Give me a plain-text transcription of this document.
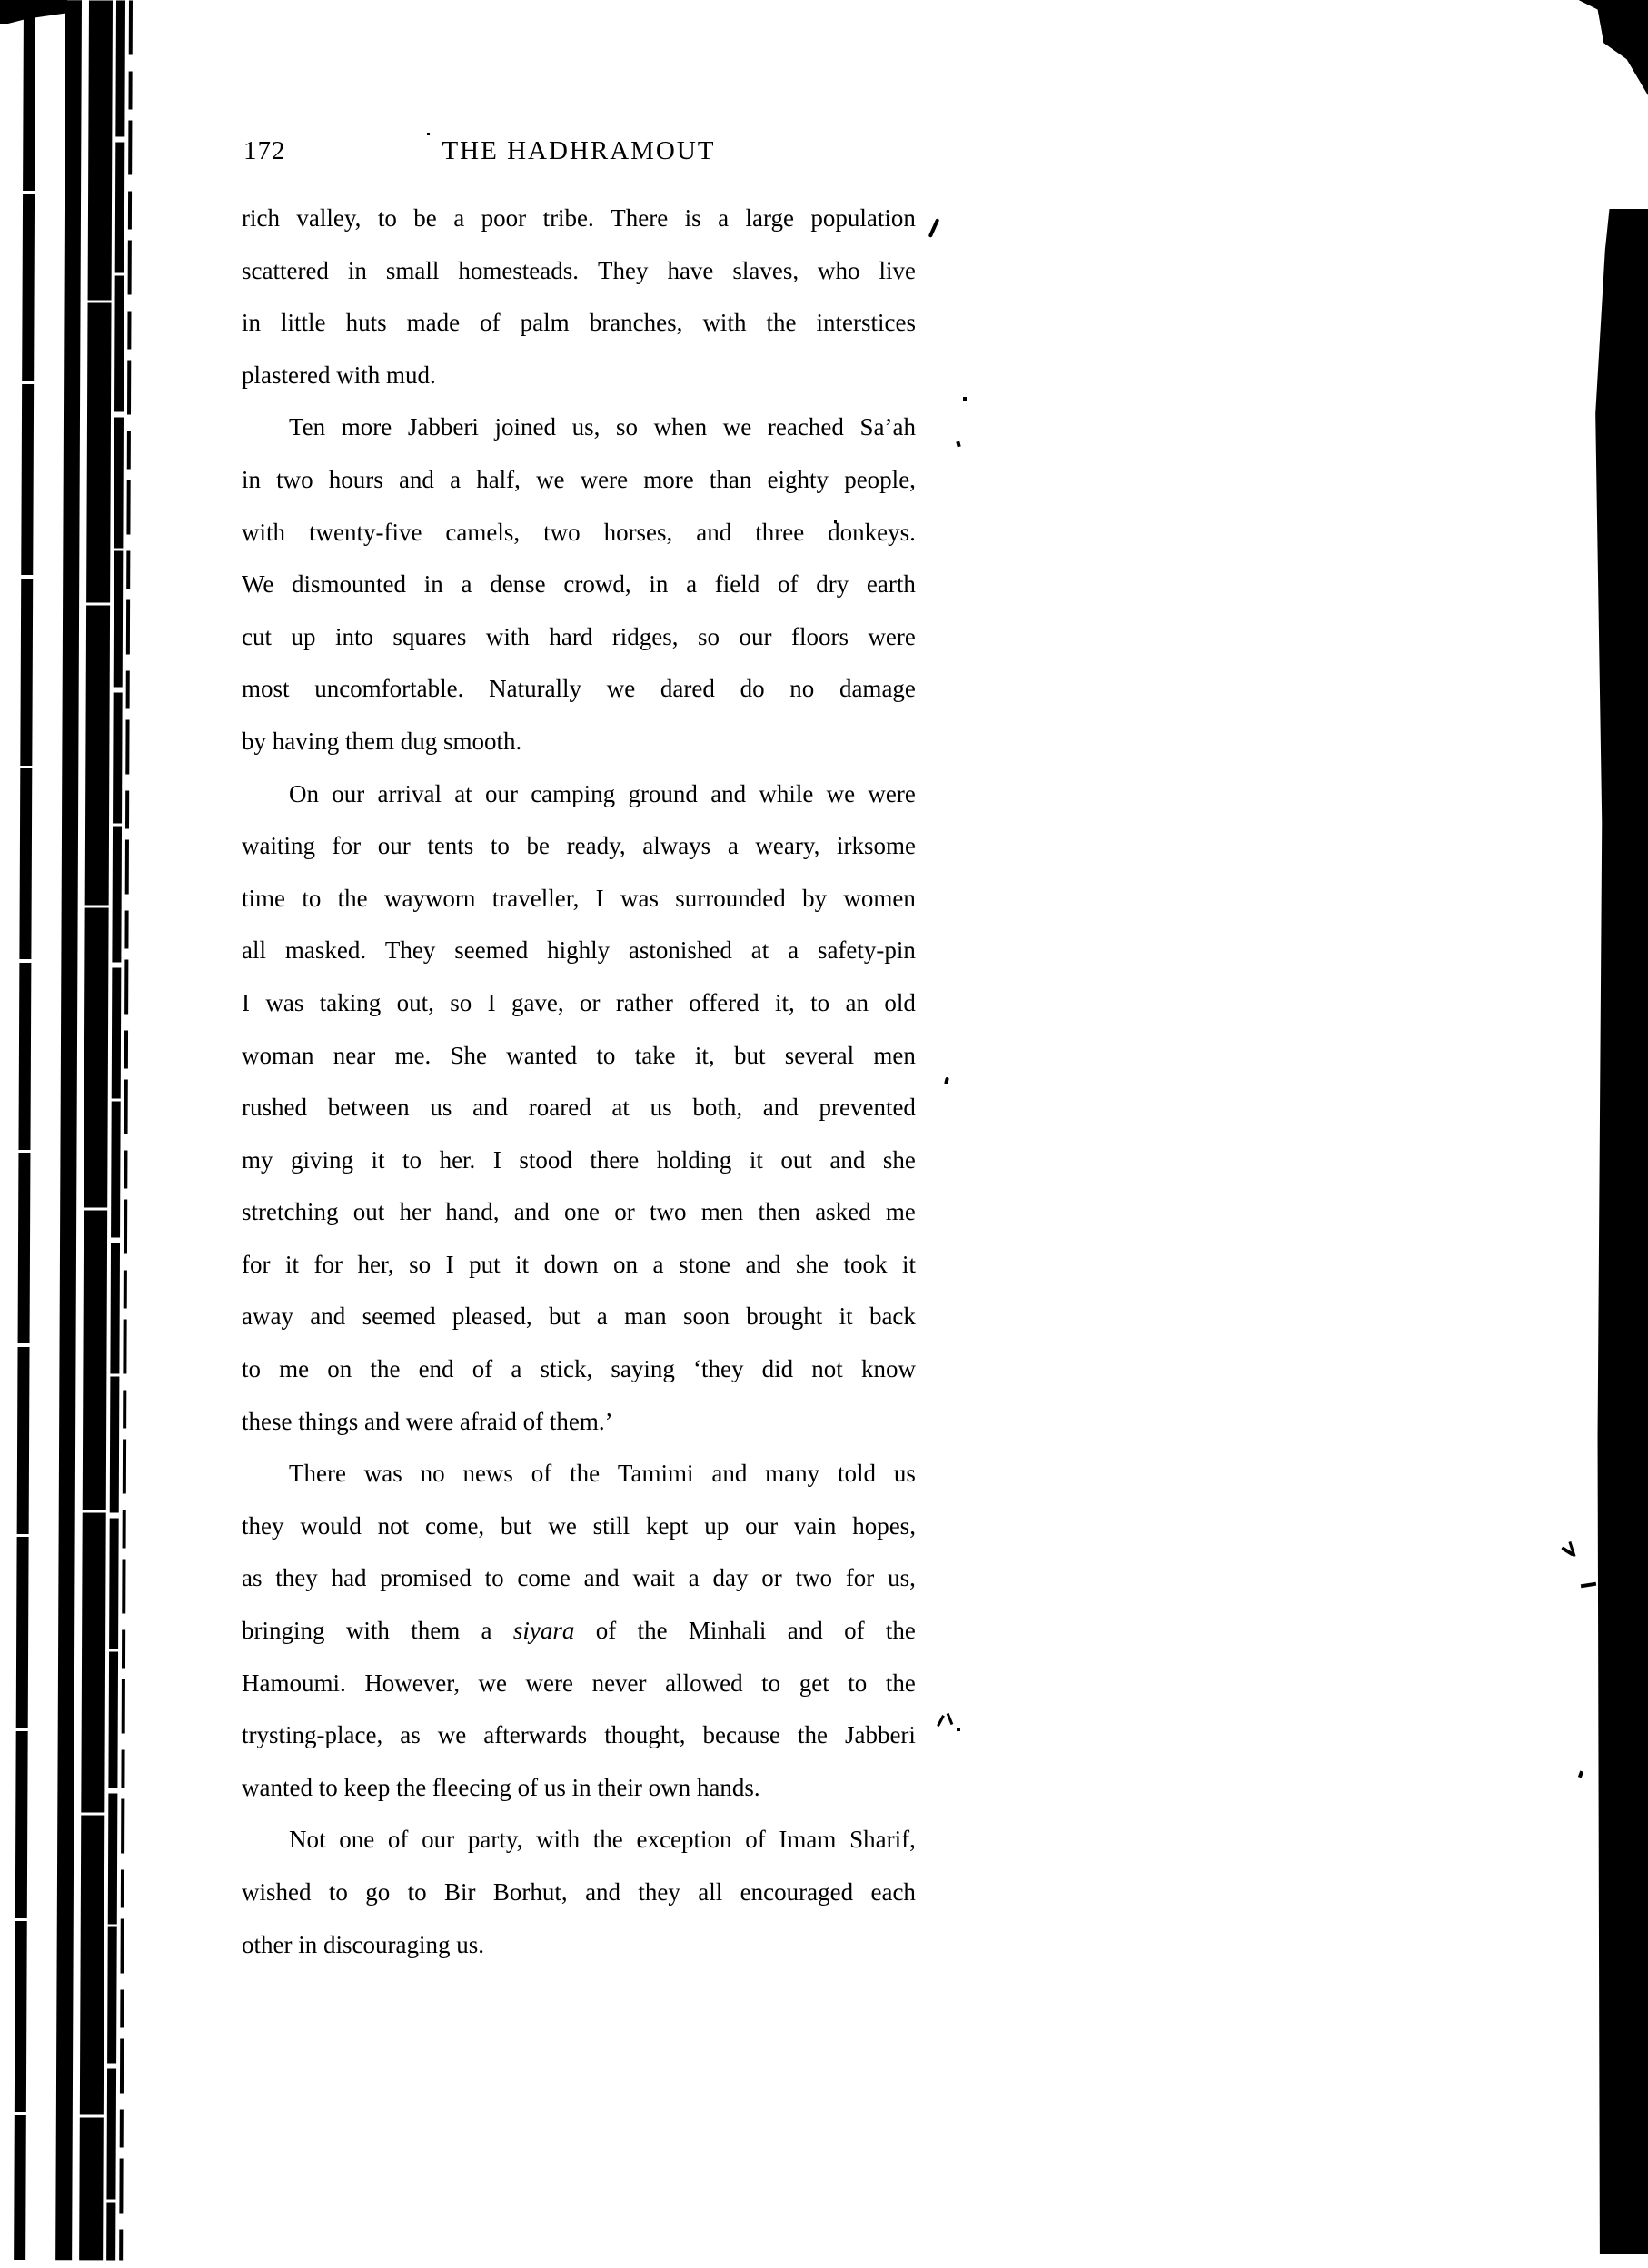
172	THE HADHRAMOUT
rich valley, to be a poor tribe. There is a large population
scattered in small homesteads. They have slaves, who live
in little huts made of palm branches, with the interstices
plastered with mud.
Ten more Jabberi joined us, so when we reached Sa’ah
in two hours and a half, we were more than eighty people,
with twenty-five camels, two horses, and three donkeys.
We dismounted in a dense crowd, in a field of dry earth
cut up into squares with hard ridges, so our floors were
most uncomfortable. Naturally we dared do no damage
by having them dug smooth.
On our arrival at our camping ground and while we were
waiting for our tents to be ready, always a weary, irksome
time to the wayworn traveller, I was surrounded by women
all masked. They seemed highly astonished at a safety-pin
I was taking out, so I gave, or rather offered it, to an old
woman near me. She wanted to take it, but several men
rushed between us and roared at us both, and prevented
my giving it to her. I stood there holding it out and she
stretching out her hand, and one or two men then asked me
for it for her, so I put it down on a stone and she took it
away and seemed pleased, but a man soon brought it back
to me on the end of a stick, saying ‘they did not know
these things and were afraid of them.’
There was no news of the Tamimi and many told us
they would not come, but we still kept up our vain hopes,
as they had promised to come and wait a day or two for us,
bringing with them a siyara of the Minhali and of the
Hamoumi. However, we were never allowed to get to the
trysting-place, as we afterwards thought, because the Jabberi
wanted to keep the fleecing of us in their own hands.
Not one of our party, with the exception of Imam Sharif,
wished to go to Bir Borhut, and they all encouraged each
other in discouraging us.
